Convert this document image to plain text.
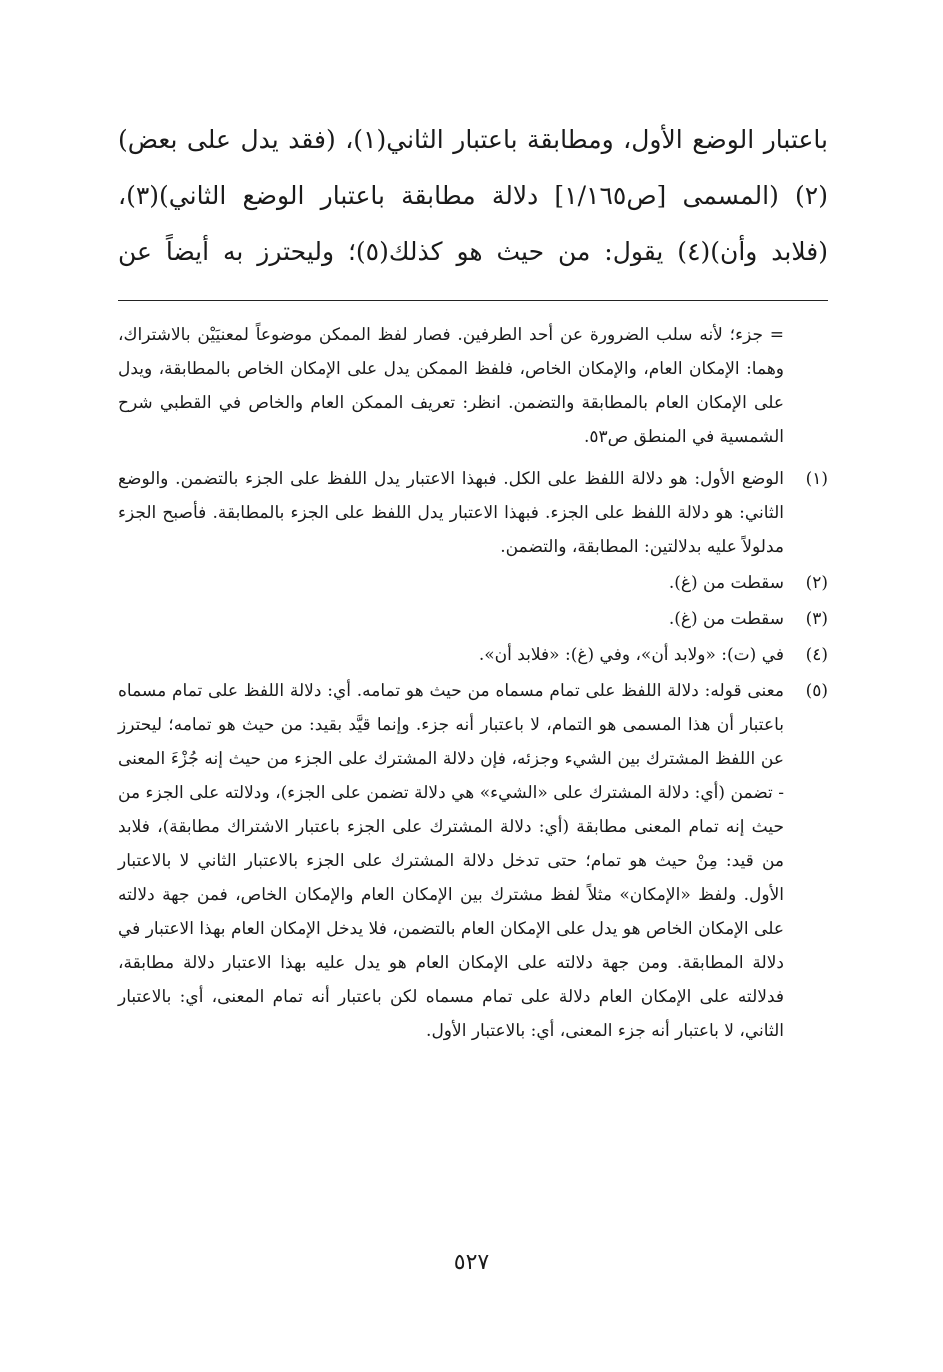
باعتبار الوضع الأول، ومطابقة باعتبار الثاني(١)، (فقد يدل على بعض)(٢) (المسمى [ص١/١٦٥] دلالة مطابقة باعتبار الوضع الثاني)(٣)، (فلابد وأن)(٤) يقول: من حيث هو كذلك(٥)؛ وليحترز به أيضاً عن

= جزء؛ لأنه سلب الضرورة عن أحد الطرفين. فصار لفظ الممكن موضوعاً لمعنيَيْن بالاشتراك، وهما: الإمكان العام، والإمكان الخاص، فلفظ الممكن يدل على الإمكان الخاص بالمطابقة، ويدل على الإمكان العام بالمطابقة والتضمن. انظر: تعريف الممكن العام والخاص في القطبي شرح الشمسية في المنطق ص٥٣.
(١)
الوضع الأول: هو دلالة اللفظ على الكل. فبهذا الاعتبار يدل اللفظ على الجزء بالتضمن. والوضع الثاني: هو دلالة اللفظ على الجزء. فبهذا الاعتبار يدل اللفظ على الجزء بالمطابقة. فأصبح الجزء مدلولاً عليه بدلالتين: المطابقة، والتضمن.
(٢)
سقطت من (غ).
(٣)
سقطت من (غ).
(٤)
في (ت): «ولابد أن»، وفي (غ): «فلابد أن».
(٥)
معنى قوله: دلالة اللفظ على تمام مسماه من حيث هو تمامه. أي: دلالة اللفظ على تمام مسماه باعتبار أن هذا المسمى هو التمام، لا باعتبار أنه جزء. وإنما قيَّد بقيد: من حيث هو تمامه؛ ليحترز عن اللفظ المشترك بين الشيء وجزئه، فإن دلالة المشترك على الجزء من حيث إنه جُزْءَ المعنى - تضمن (أي: دلالة المشترك على «الشيء» هي دلالة تضمن على الجزء)، ودلالته على الجزء من حيث إنه تمام المعنى مطابقة (أي: دلالة المشترك على الجزء باعتبار الاشتراك مطابقة)، فلابد من قيد: مِنْ حيث هو تمام؛ حتى تدخل دلالة المشترك على الجزء بالاعتبار الثاني لا بالاعتبار الأول. ولفظ «الإمكان» مثلاً لفظ مشترك بين الإمكان العام والإمكان الخاص، فمن جهة دلالته على الإمكان الخاص هو يدل على الإمكان العام بالتضمن، فلا يدخل الإمكان العام بهذا الاعتبار في دلالة المطابقة. ومن جهة دلالته على الإمكان العام هو يدل عليه بهذا الاعتبار دلالة مطابقة، فدلالته على الإمكان العام دلالة على تمام مسماه لكن باعتبار أنه تمام المعنى، أي: بالاعتبار الثاني، لا باعتبار أنه جزء المعنى، أي: بالاعتبار الأول.
٥٢٧
